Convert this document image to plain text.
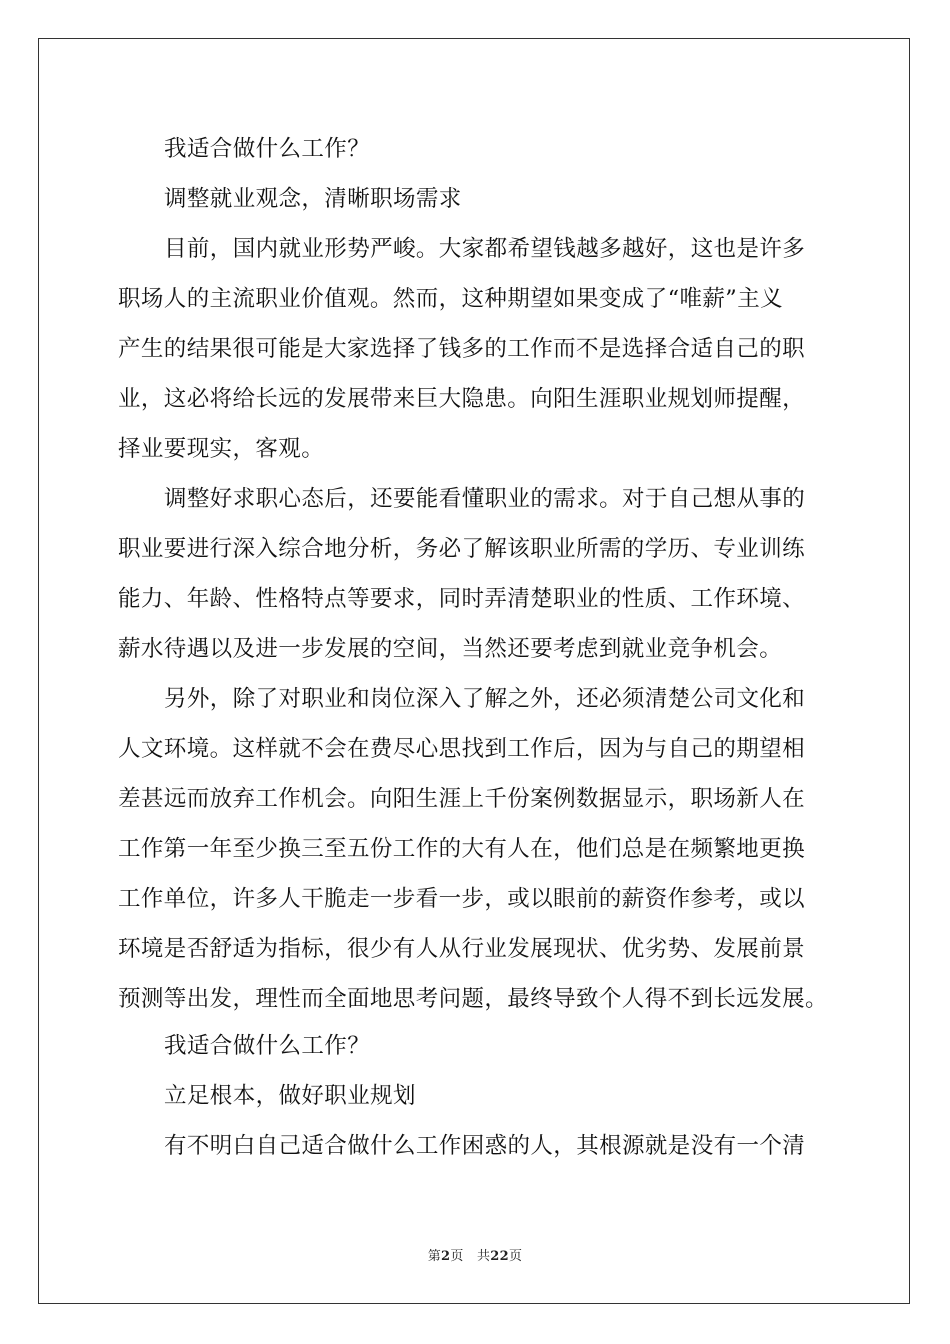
我适合做什么工作？
调整就业观念，清晰职场需求
目前，国内就业形势严峻。大家都希望钱越多越好，这也是许多
职场人的主流职业价值观。然而，这种期望如果变成了“唯薪”主义
产生的结果很可能是大家选择了钱多的工作而不是选择合适自己的职
业，这必将给长远的发展带来巨大隐患。向阳生涯职业规划师提醒，
择业要现实，客观。
调整好求职心态后，还要能看懂职业的需求。对于自己想从事的
职业要进行深入综合地分析，务必了解该职业所需的学历、专业训练
能力、年龄、性格特点等要求，同时弄清楚职业的性质、工作环境、
薪水待遇以及进一步发展的空间，当然还要考虑到就业竞争机会。
另外，除了对职业和岗位深入了解之外，还必须清楚公司文化和
人文环境。这样就不会在费尽心思找到工作后，因为与自己的期望相
差甚远而放弃工作机会。向阳生涯上千份案例数据显示，职场新人在
工作第一年至少换三至五份工作的大有人在，他们总是在频繁地更换
工作单位，许多人干脆走一步看一步，或以眼前的薪资作参考，或以
环境是否舒适为指标，很少有人从行业发展现状、优劣势、发展前景
预测等出发，理性而全面地思考问题，最终导致个人得不到长远发展。
我适合做什么工作？
立足根本，做好职业规划
有不明白自己适合做什么工作困惑的人，其根源就是没有一个清
第2页 共22页
